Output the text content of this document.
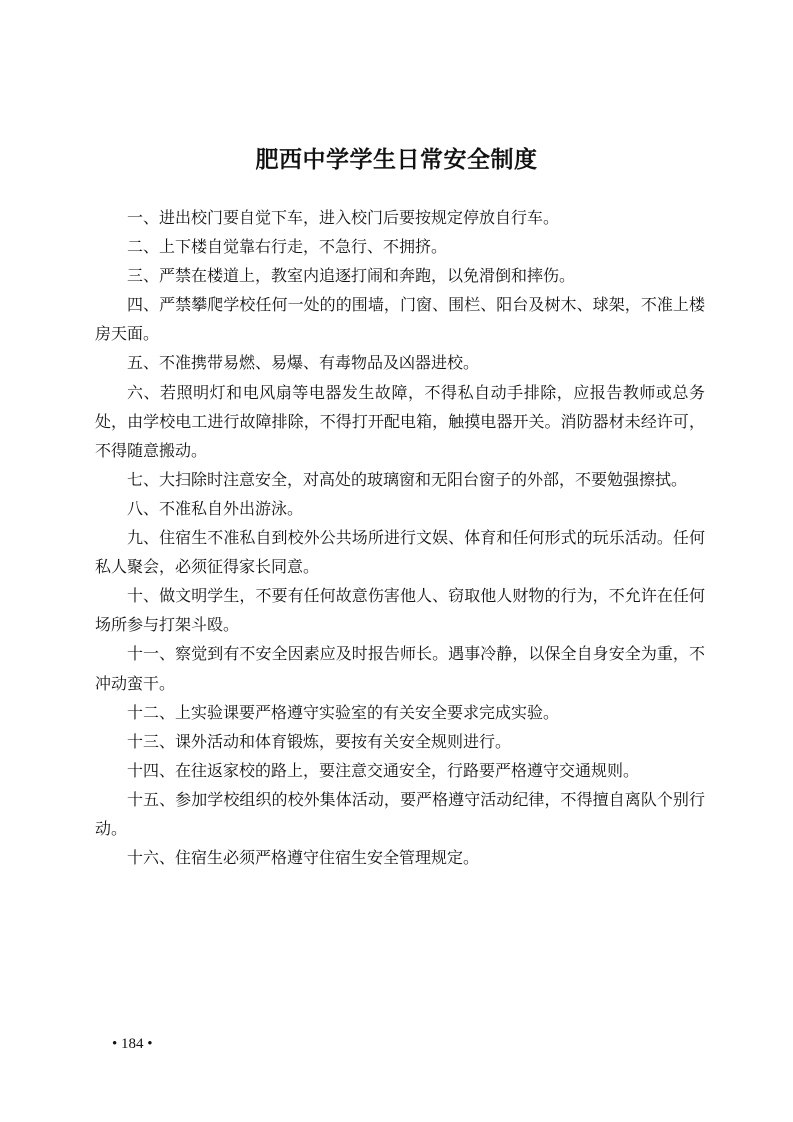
肥西中学学生日常安全制度

一、进出校门要自觉下车，进入校门后要按规定停放自行车。

二、上下楼自觉靠右行走，不急行、不拥挤。

三、严禁在楼道上，教室内追逐打闹和奔跑，以免滑倒和摔伤。

四、严禁攀爬学校任何一处的的围墙，门窗、围栏、阳台及树木、球架，不准上楼房天面。

五、不准携带易燃、易爆、有毒物品及凶器进校。

六、若照明灯和电风扇等电器发生故障，不得私自动手排除，应报告教师或总务处，由学校电工进行故障排除，不得打开配电箱，触摸电器开关。消防器材未经许可，不得随意搬动。

七、大扫除时注意安全，对高处的玻璃窗和无阳台窗子的外部，不要勉强擦拭。

八、不准私自外出游泳。

九、住宿生不准私自到校外公共场所进行文娱、体育和任何形式的玩乐活动。任何私人聚会，必须征得家长同意。

十、做文明学生，不要有任何故意伤害他人、窃取他人财物的行为，不允许在任何场所参与打架斗殴。

十一、察觉到有不安全因素应及时报告师长。遇事冷静，以保全自身安全为重，不冲动蛮干。

十二、上实验课要严格遵守实验室的有关安全要求完成实验。

十三、课外活动和体育锻炼，要按有关安全规则进行。

十四、在往返家校的路上，要注意交通安全，行路要严格遵守交通规则。

十五、参加学校组织的校外集体活动，要严格遵守活动纪律，不得擅自离队个别行动。

十六、住宿生必须严格遵守住宿生安全管理规定。

• 184 •
